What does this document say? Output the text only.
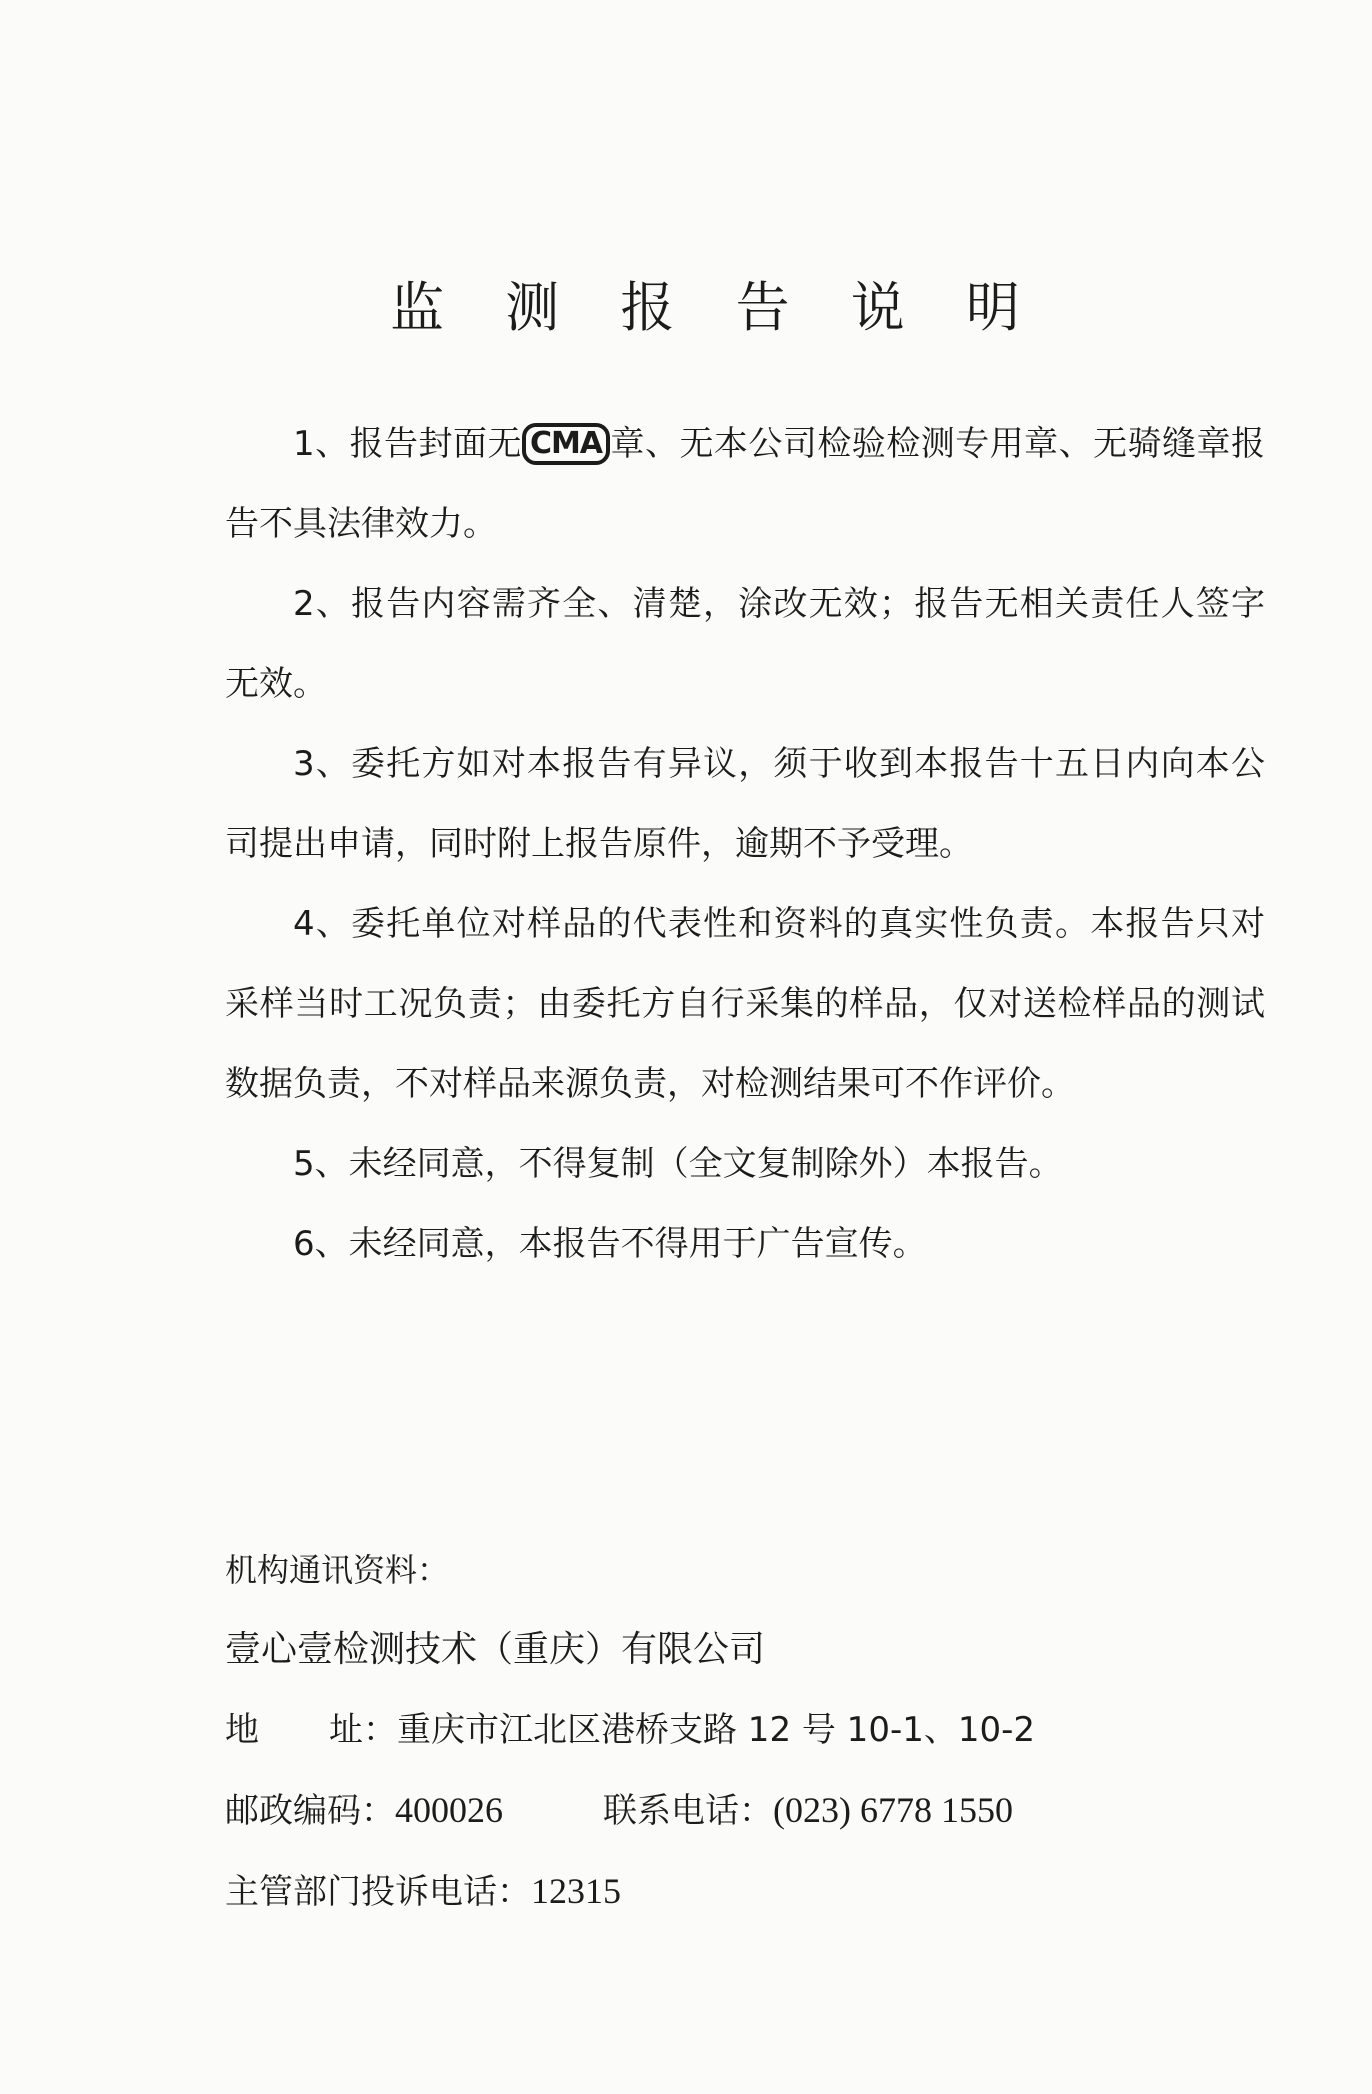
监 测 报 告 说 明

1、报告封面无 CMA 章、无本公司检验检测专用章、无骑缝章报告不具法律效力。

2、报告内容需齐全、清楚，涂改无效；报告无相关责任人签字无效。

3、委托方如对本报告有异议，须于收到本报告十五日内向本公司提出申请，同时附上报告原件，逾期不予受理。

4、委托单位对样品的代表性和资料的真实性负责。本报告只对采样当时工况负责；由委托方自行采集的样品，仅对送检样品的测试数据负责，不对样品来源负责，对检测结果可不作评价。

5、未经同意，不得复制（全文复制除外）本报告。

6、未经同意，本报告不得用于广告宣传。

机构通讯资料：

壹心壹检测技术（重庆）有限公司

地 址：重庆市江北区港桥支路 12 号 10-1、10-2

邮政编码：400026	联系电话：(023) 6778 1550

主管部门投诉电话：12315
